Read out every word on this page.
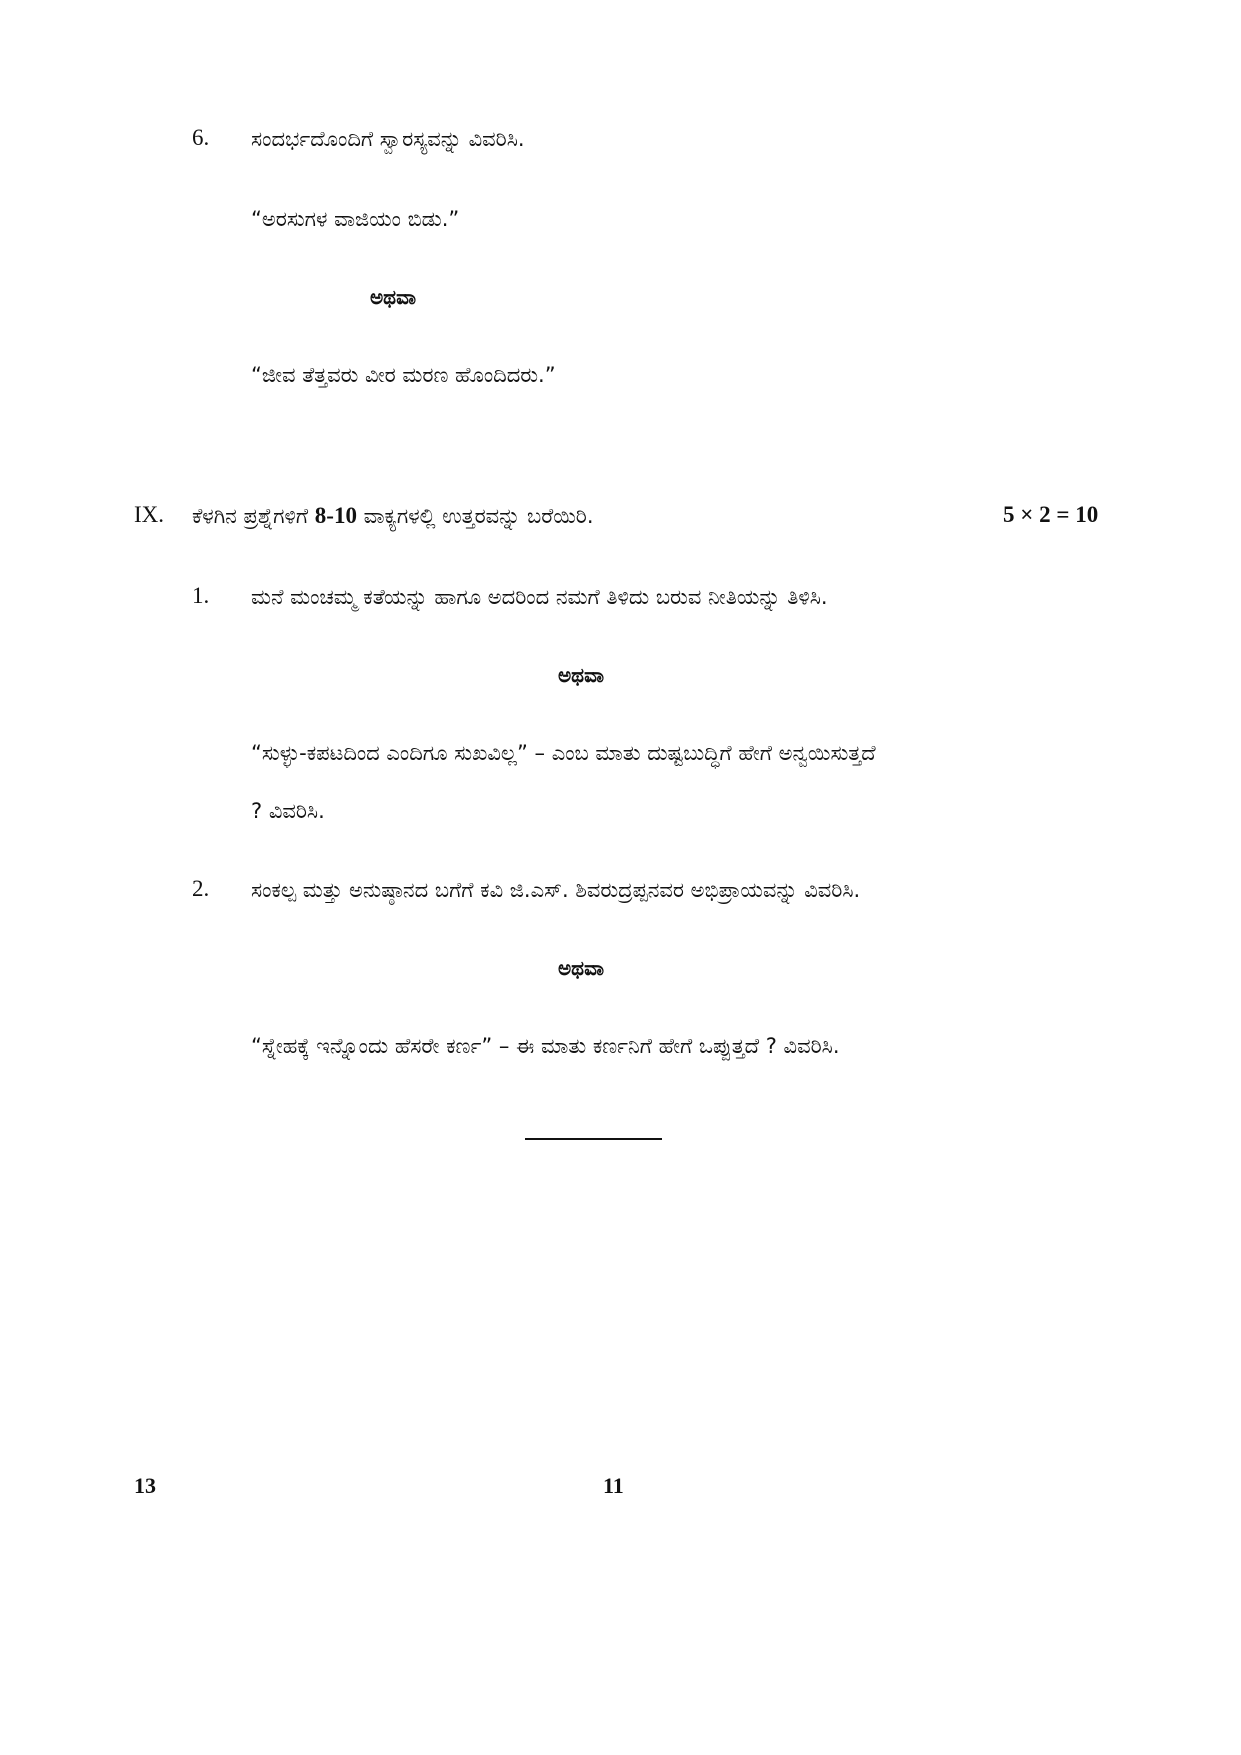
6. ಸಂದರ್ಭದೊಂದಿಗೆ ಸ್ವಾರಸ್ಯವನ್ನು ವಿವರಿಸಿ.
“ಅರಸುಗಳ ವಾಜಿಯಂ ಬಿಡು.”
ಅಥವಾ
“ಜೀವ ತೆತ್ತವರು ವೀರ ಮರಣ ಹೊಂದಿದರು.”
IX. ಕೆಳಗಿನ ಪ್ರಶ್ನೆಗಳಿಗೆ 8-10 ವಾಕ್ಯಗಳಲ್ಲಿ ಉತ್ತರವನ್ನು ಬರೆಯಿರಿ.	5 × 2 = 10
1. ಮನೆ ಮಂಚಮ್ಮ ಕತೆಯನ್ನು ಹಾಗೂ ಅದರಿಂದ ನಮಗೆ ತಿಳಿದು ಬರುವ ನೀತಿಯನ್ನು ತಿಳಿಸಿ.
ಅಥವಾ
“ಸುಳ್ಳು-ಕಪಟದಿಂದ ಎಂದಿಗೂ ಸುಖವಿಲ್ಲ” – ಎಂಬ ಮಾತು ದುಷ್ಟಬುದ್ಧಿಗೆ ಹೇಗೆ ಅನ್ವಯಿಸುತ್ತದೆ
? ವಿವರಿಸಿ.
2. ಸಂಕಲ್ಪ ಮತ್ತು ಅನುಷ್ಠಾನದ ಬಗೆಗೆ ಕವಿ ಜಿ.ಎಸ್. ಶಿವರುದ್ರಪ್ಪನವರ ಅಭಿಪ್ರಾಯವನ್ನು ವಿವರಿಸಿ.
ಅಥವಾ
“ಸ್ನೇಹಕ್ಕೆ ಇನ್ನೊಂದು ಹೆಸರೇ ಕರ್ಣ” – ಈ ಮಾತು ಕರ್ಣನಿಗೆ ಹೇಗೆ ಒಪ್ಪುತ್ತದೆ ? ವಿವರಿಸಿ.
13	11
